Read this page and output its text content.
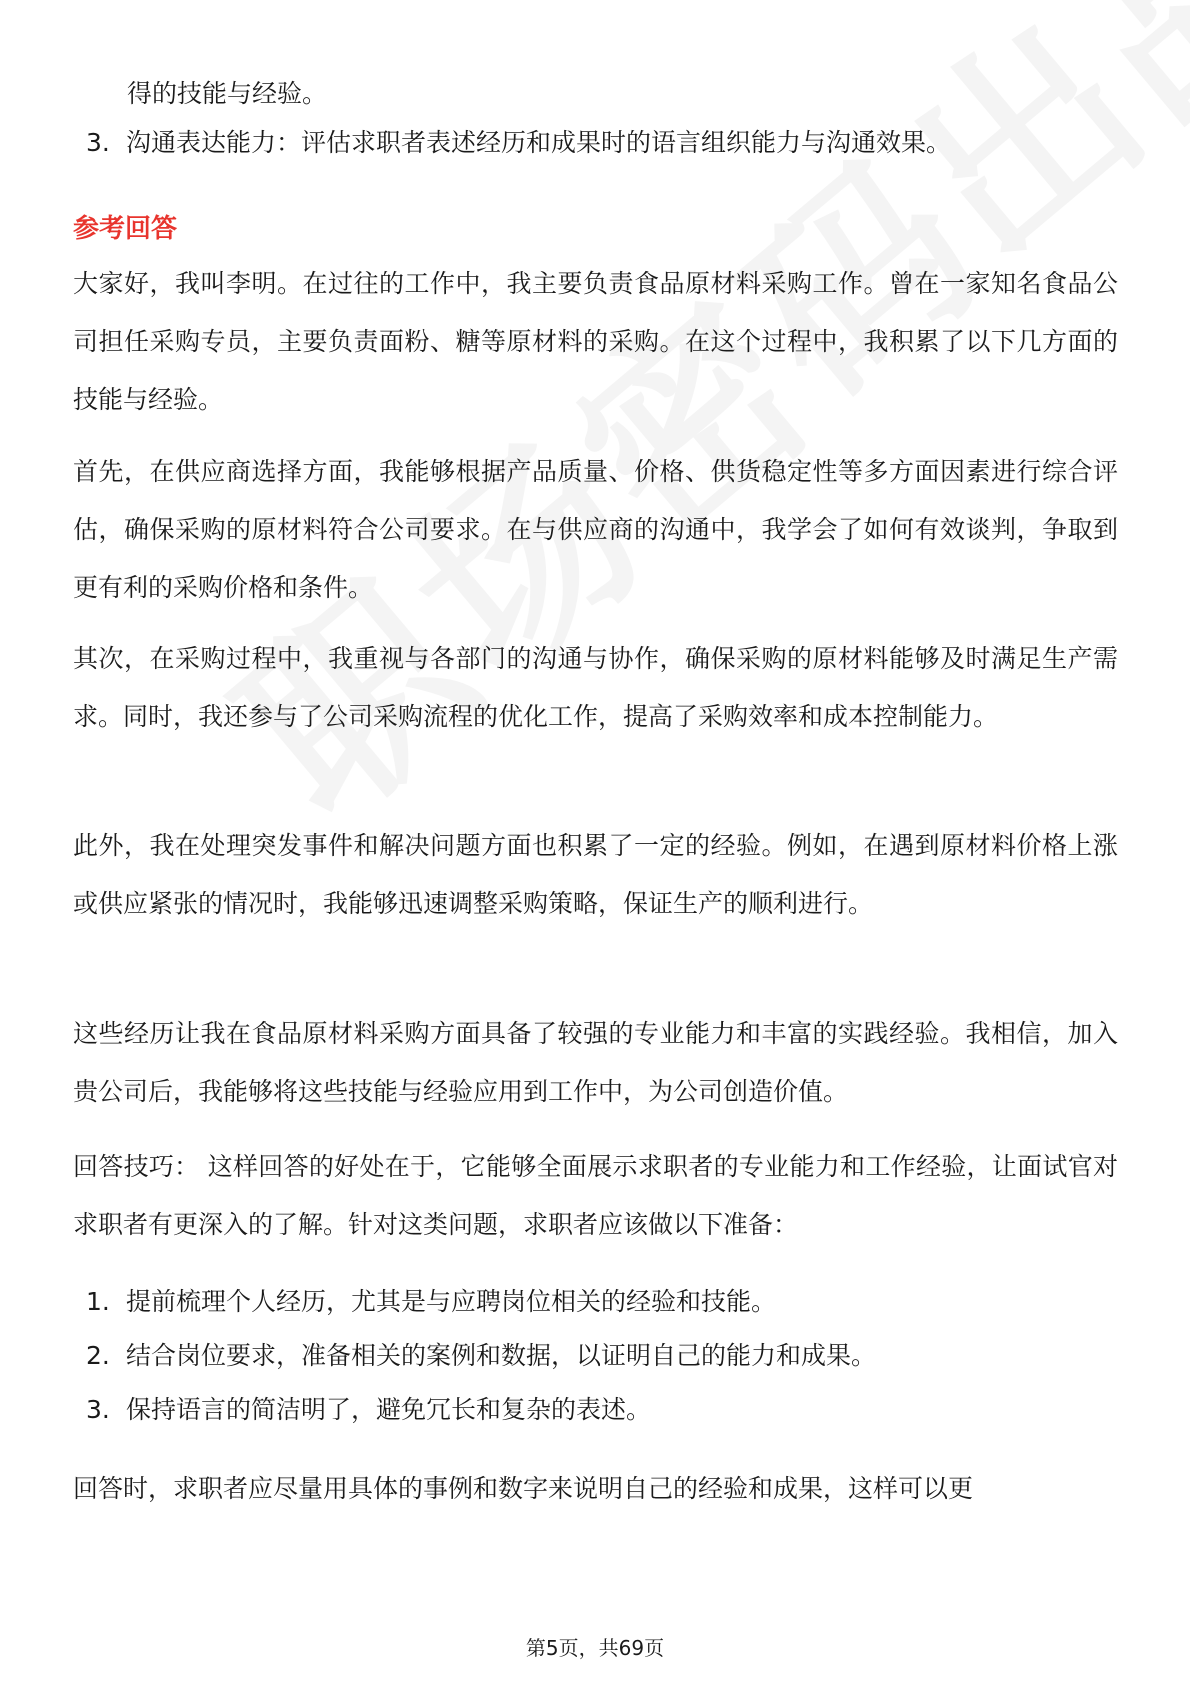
得的技能与经验。
3. 沟通表达能力：评估求职者表述经历和成果时的语言组织能力与沟通效果。
参考回答
大家好，我叫李明。在过往的工作中，我主要负责食品原材料采购工作。曾在一家知名食品公司担任采购专员，主要负责面粉、糖等原材料的采购。在这个过程中，我积累了以下几方面的技能与经验。
首先，在供应商选择方面，我能够根据产品质量、价格、供货稳定性等多方面因素进行综合评估，确保采购的原材料符合公司要求。在与供应商的沟通中，我学会了如何有效谈判，争取到更有利的采购价格和条件。
其次，在采购过程中，我重视与各部门的沟通与协作，确保采购的原材料能够及时满足生产需求。同时，我还参与了公司采购流程的优化工作，提高了采购效率和成本控制能力。
此外，我在处理突发事件和解决问题方面也积累了一定的经验。例如，在遇到原材料价格上涨或供应紧张的情况时，我能够迅速调整采购策略，保证生产的顺利进行。
这些经历让我在食品原材料采购方面具备了较强的专业能力和丰富的实践经验。我相信，加入贵公司后，我能够将这些技能与经验应用到工作中，为公司创造价值。
回答技巧： 这样回答的好处在于，它能够全面展示求职者的专业能力和工作经验，让面试官对求职者有更深入的了解。针对这类问题，求职者应该做以下准备：
1. 提前梳理个人经历，尤其是与应聘岗位相关的经验和技能。
2. 结合岗位要求，准备相关的案例和数据，以证明自己的能力和成果。
3. 保持语言的简洁明了，避免冗长和复杂的表述。
回答时，求职者应尽量用具体的事例和数字来说明自己的经验和成果，这样可以更
第5页，共69页
